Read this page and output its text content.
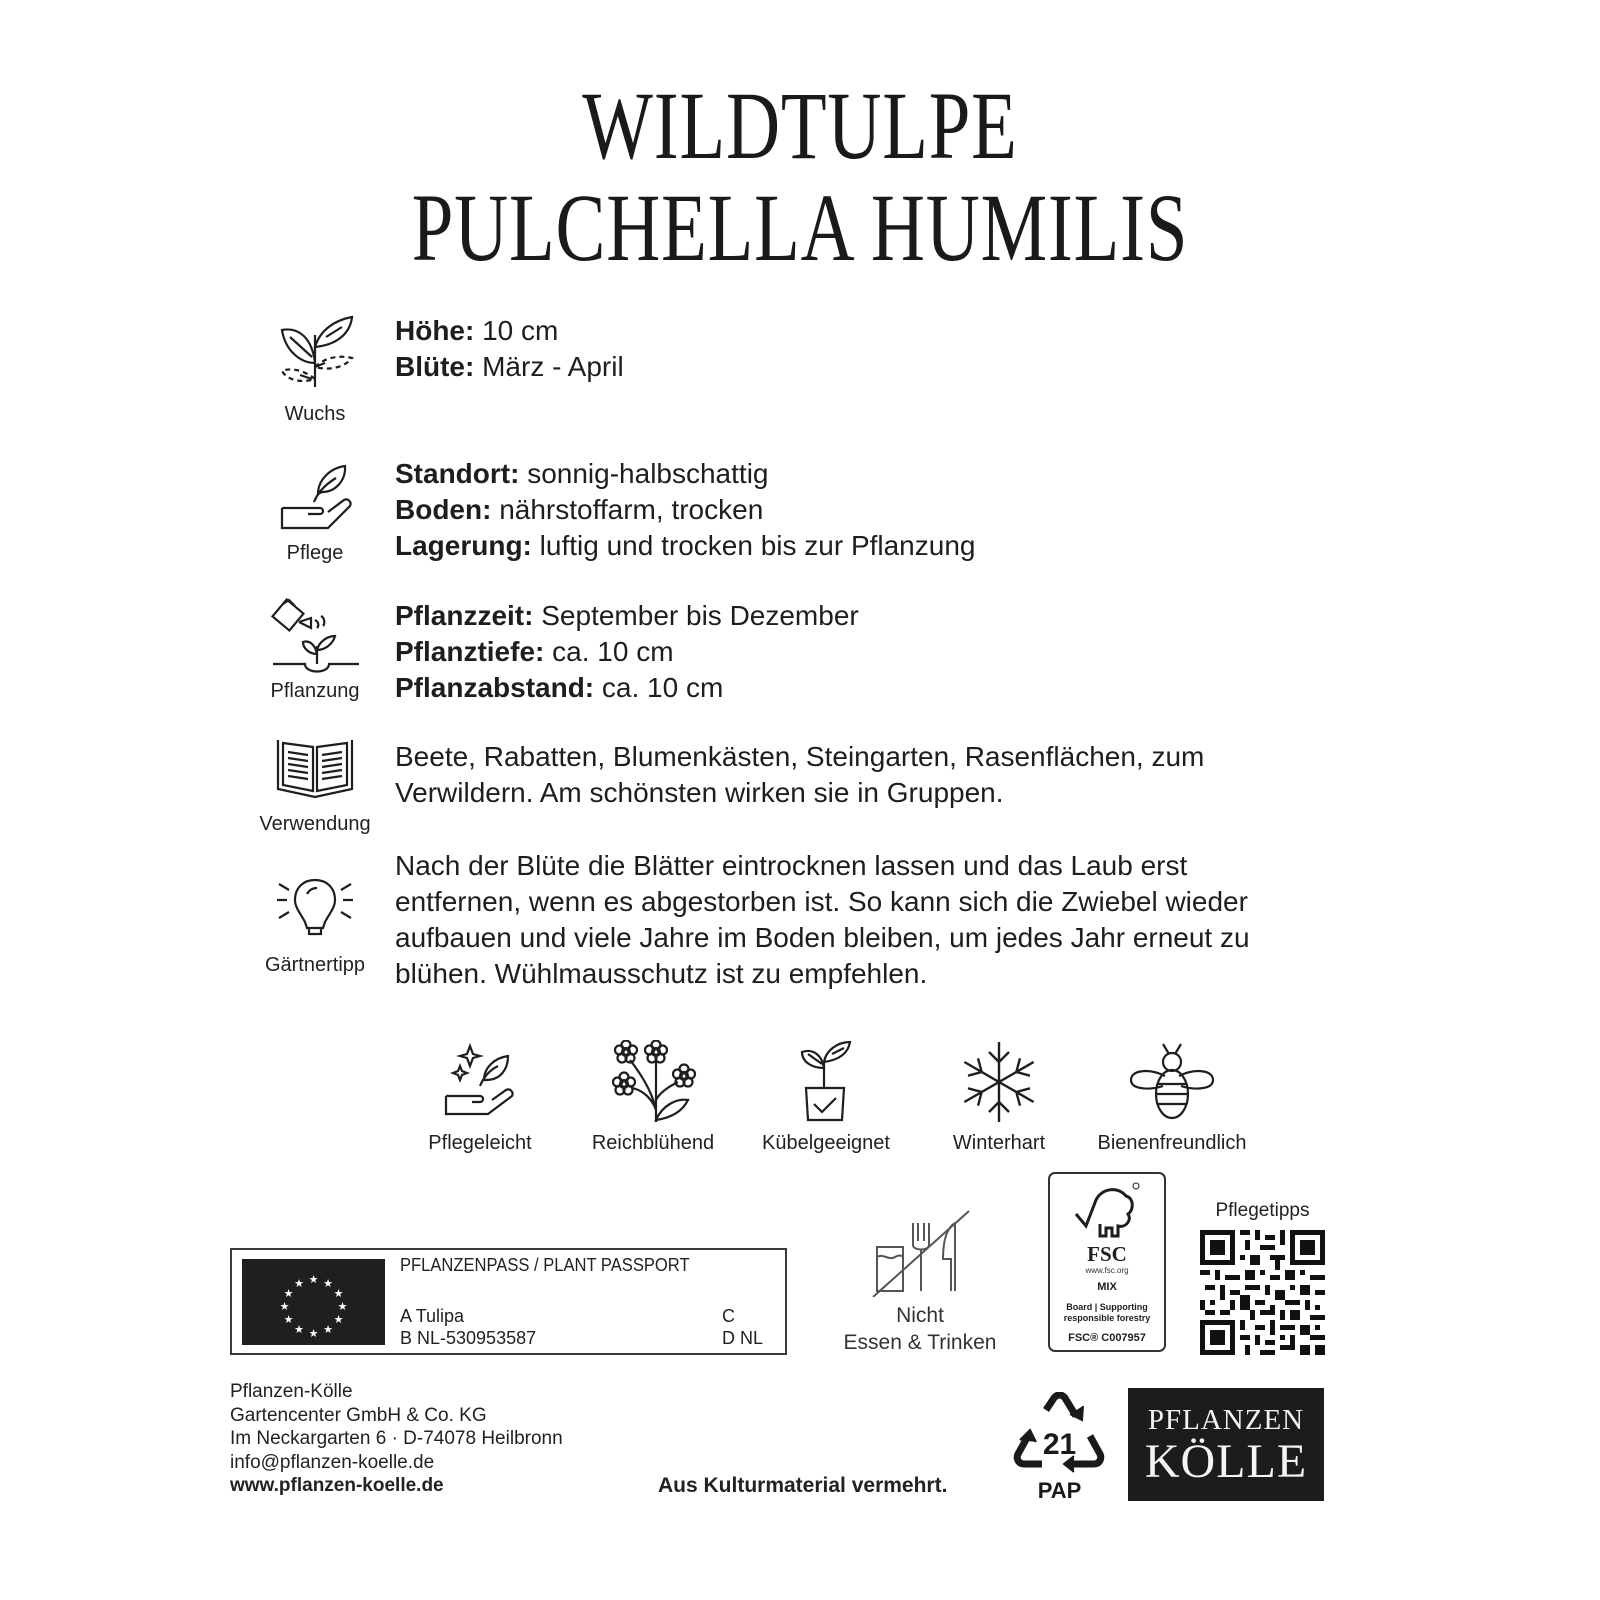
WILDTULPE
PULCHELLA HUMILIS
Wuchs
Höhe: 10 cm
Blüte: März - April
Pflege
Standort: sonnig-halbschattig
Boden: nährstoffarm, trocken
Lagerung: luftig und trocken bis zur Pflanzung
Pflanzung
Pflanzzeit: September bis Dezember
Pflanztiefe: ca. 10 cm
Pflanzabstand: ca. 10 cm
Verwendung
Beete, Rabatten, Blumenkästen, Steingarten, Rasenflächen, zum Verwildern. Am schönsten wirken sie in Gruppen.
Gärtnertipp
Nach der Blüte die Blätter eintrocknen lassen und das Laub erst entfernen, wenn es abgestorben ist. So kann sich die Zwiebel wieder aufbauen und viele Jahre im Boden bleiben, um jedes Jahr erneut zu blühen. Wühlmausschutz ist zu empfehlen.
Pflegeleicht	Reichblühend	Kübelgeeignet	Winterhart	Bienenfreundlich
★ ★
★
★
★
★
★
★
★
★
★
★
PFLANZENPASS / PLANT PASSPORT
A Tulipa
B NL-530953587
C
D NL
Nicht
Essen & Trinken
FSC
www.fsc.org
MIX
Board | Supporting
responsible forestry
FSC® C007957
Pflegetipps
Pflanzen-Kölle
Gartencenter GmbH & Co. KG
Im Neckargarten 6 · D-74078 Heilbronn
info@pflanzen-koelle.de
www.pflanzen-koelle.de	Aus Kulturmaterial vermehrt.
21
PAP
PFLANZEN
KÖLLE
